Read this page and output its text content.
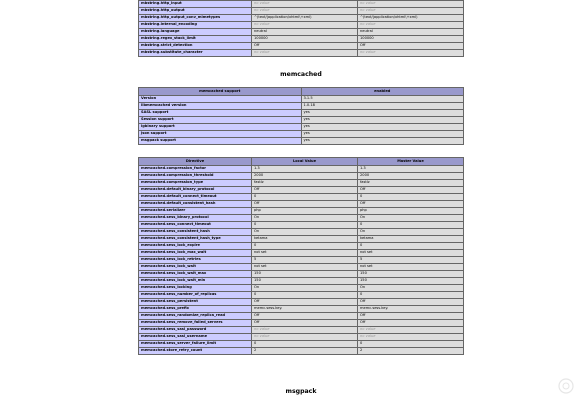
mbstring.http_input	no value	no value
mbstring.http_output	no value	no value
mbstring.http_output_conv_mimetypes	^(text/|application/xhtml\+xml)	^(text/|application/xhtml\+xml)
mbstring.internal_encoding	no value	no value
mbstring.language	neutral	neutral
mbstring.regex_stack_limit	100000	100000
mbstring.strict_detection	Off	Off
mbstring.substitute_character	no value	no value
memcached
memcached support	enabled
Version	3.1.5
libmemcached version	1.0.18
SASL support	yes
Session support	yes
igbinary support	yes
json support	yes
msgpack support	yes
Directive	Local Value	Master Value
memcached.compression_factor	1.3	1.3
memcached.compression_threshold	2000	2000
memcached.compression_type	fastlz	fastlz
memcached.default_binary_protocol	Off	Off
memcached.default_connect_timeout	0	0
memcached.default_consistent_hash	Off	Off
memcached.serializer	php	php
memcached.sess_binary_protocol	On	On
memcached.sess_connect_timeout	0	0
memcached.sess_consistent_hash	On	On
memcached.sess_consistent_hash_type	ketama	ketama
memcached.sess_lock_expire	0	0
memcached.sess_lock_max_wait	not set	not set
memcached.sess_lock_retries	5	5
memcached.sess_lock_wait	not set	not set
memcached.sess_lock_wait_max	150	150
memcached.sess_lock_wait_min	150	150
memcached.sess_locking	On	On
memcached.sess_number_of_replicas	0	0
memcached.sess_persistent	Off	Off
memcached.sess_prefix	memc.sess.key.	memc.sess.key.
memcached.sess_randomize_replica_read	Off	Off
memcached.sess_remove_failed_servers	Off	Off
memcached.sess_sasl_password	no value	no value
memcached.sess_sasl_username	no value	no value
memcached.sess_server_failure_limit	0	0
memcached.store_retry_count	2	2
msgpack
